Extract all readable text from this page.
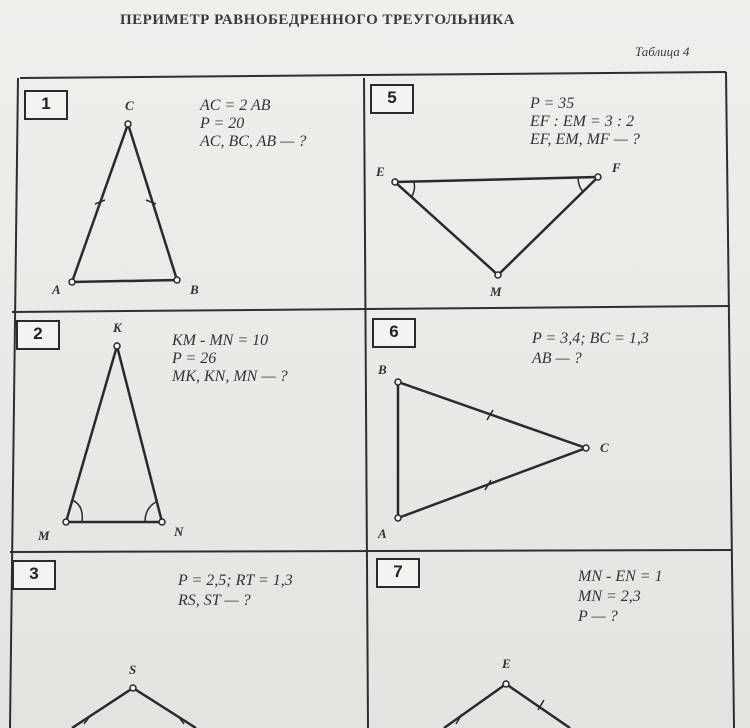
ПЕРИМЕТР РАВНОБЕДРЕННОГО ТРЕУГОЛЬНИКА
Таблица 4
1	AC = 2 AB
P = 20
AC, BC, AB — ?
C
A	B
5	P = 35
EF : EM = 3 : 2
EF, EM, MF — ?
E	F
M
2	KM - MN = 10
P = 26
MK, KN, MN — ?
K
M	N
6	P = 3,4; BC = 1,3
AB — ?
B
C
A
3	P = 2,5; RT = 1,3
RS, ST — ?
S
7	MN - EN = 1
MN = 2,3
P — ?
E
